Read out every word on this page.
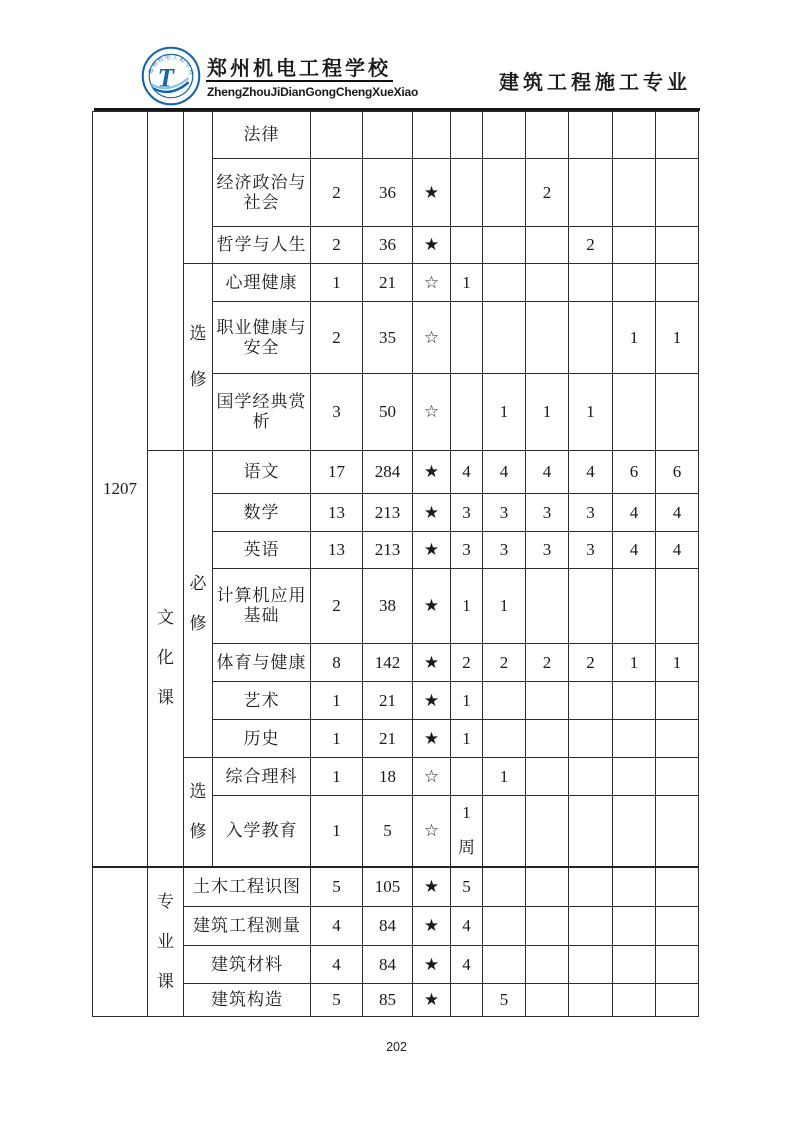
郑州机电工程学校
T 郑州机电工程学校
ZhengZhouJiDianGongChengXueXiao	建筑工程施工专业
1207			法律									
			经济政治与社会	2	36	★			2			
			哲学与人生	2	36	★				2		

		选修	心理健康	1	21	☆	1					
			职业健康与安全	2	35	☆					1	1
			国学经典赏析	3	50	☆		1	1	1		

	文化课	必修	语文	17	284	★	4	4	4	4	6	6
			数学	13	213	★	3	3	3	3	4	4
			英语	13	213	★	3	3	3	3	4	4
			计算机应用基础	2	38	★	1	1				
			体育与健康	8	142	★	2	2	2	2	1	1
			艺术	1	21	★	1					
			历史	1	21	★	1					

		选修	综合理科	1	18	☆		1				
			入学教育	1	5	☆	1
周					

	专业课	土木工程识图		5	105	★	5					
		建筑工程测量		4	84	★	4					
		建筑材料		4	84	★	4					
		建筑构造		5	85	★		5				
202
